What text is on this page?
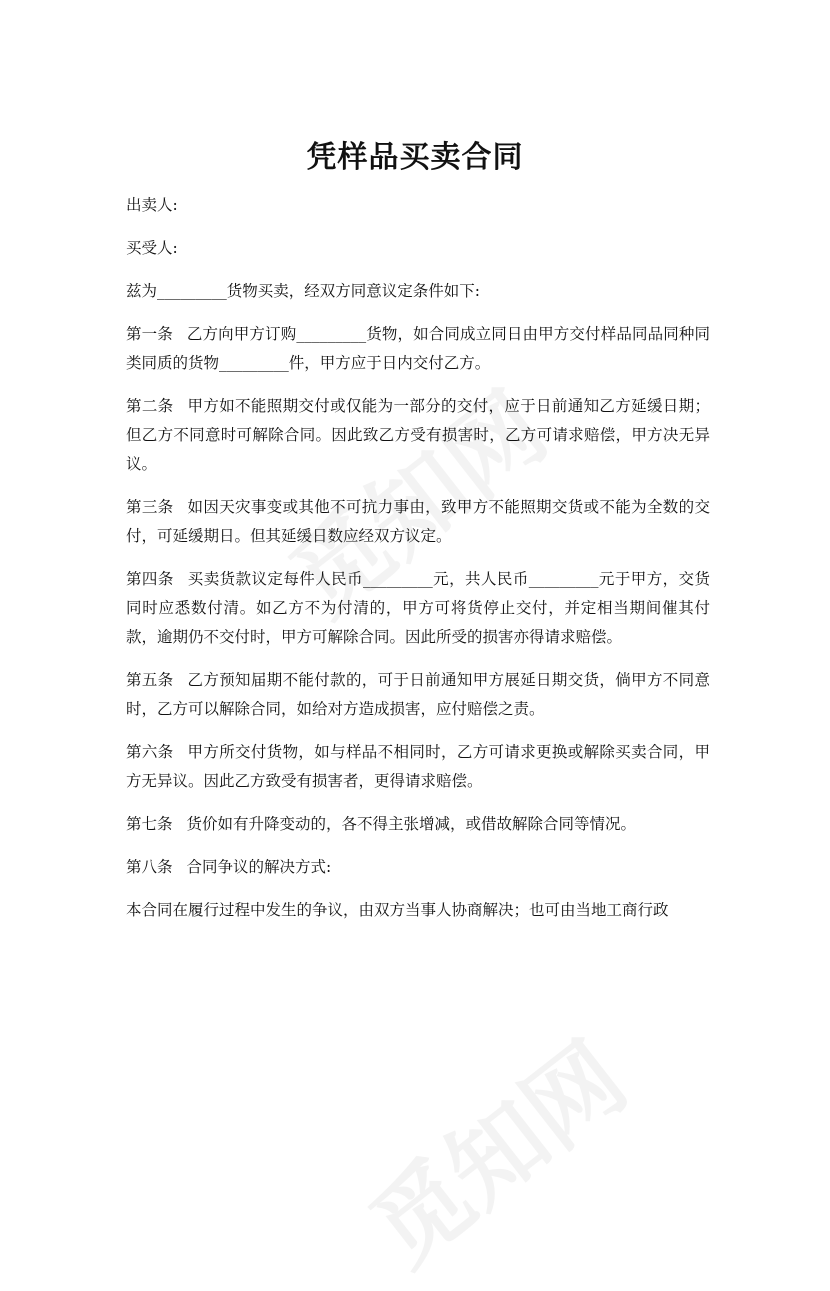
凭样品买卖合同

出卖人:

买受人:

兹为_________货物买卖，经双方同意议定条件如下:

第一条 乙方向甲方订购_________货物，如合同成立同日由甲方交付样品同品同种同类同质的货物_________件，甲方应于日内交付乙方。

第二条 甲方如不能照期交付或仅能为一部分的交付，应于日前通知乙方延缓日期；但乙方不同意时可解除合同。因此致乙方受有损害时，乙方可请求赔偿，甲方决无异议。

第三条 如因天灾事变或其他不可抗力事由，致甲方不能照期交货或不能为全数的交付，可延缓期日。但其延缓日数应经双方议定。

第四条 买卖货款议定每件人民币_________元，共人民币_________元于甲方，交货同时应悉数付清。如乙方不为付清的，甲方可将货停止交付，并定相当期间催其付款，逾期仍不交付时，甲方可解除合同。因此所受的损害亦得请求赔偿。

第五条 乙方预知届期不能付款的，可于日前通知甲方展延日期交货，倘甲方不同意时，乙方可以解除合同，如给对方造成损害，应付赔偿之责。

第六条 甲方所交付货物，如与样品不相同时，乙方可请求更换或解除买卖合同，甲方无异议。因此乙方致受有损害者，更得请求赔偿。

第七条 货价如有升降变动的，各不得主张增减，或借故解除合同等情况。

第八条 合同争议的解决方式:

本合同在履行过程中发生的争议，由双方当事人协商解决；也可由当地工商行政
